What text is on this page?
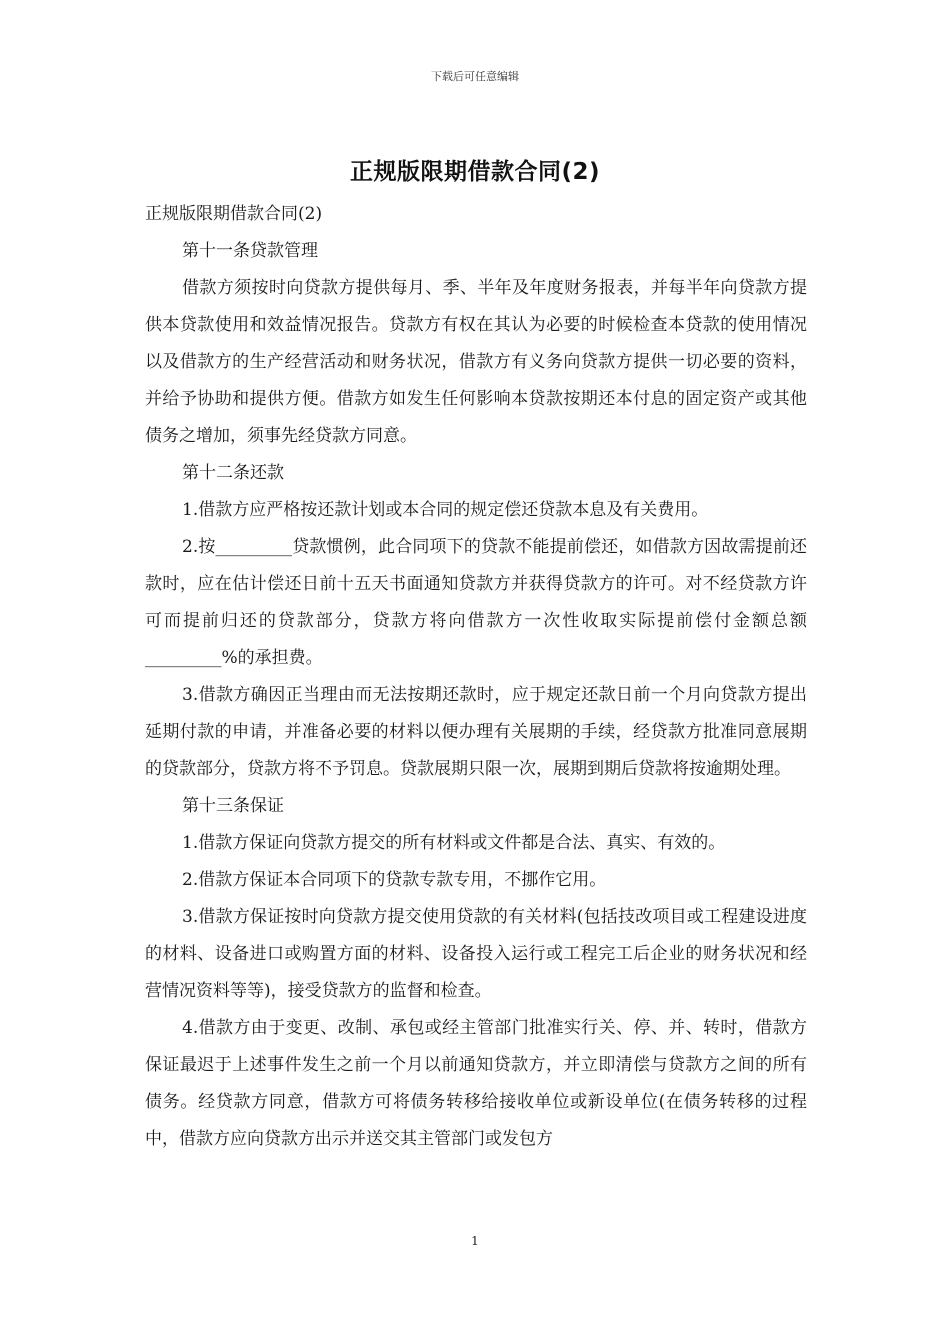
下载后可任意编辑
正规版限期借款合同(2)

正规版限期借款合同(2)

第十一条贷款管理

借款方须按时向贷款方提供每月、季、半年及年度财务报表，并每半年向贷款方提供本贷款使用和效益情况报告。贷款方有权在其认为必要的时候检查本贷款的使用情况以及借款方的生产经营活动和财务状况，借款方有义务向贷款方提供一切必要的资料，并给予协助和提供方便。借款方如发生任何影响本贷款按期还本付息的固定资产或其他债务之增加，须事先经贷款方同意。

第十二条还款

1.借款方应严格按还款计划或本合同的规定偿还贷款本息及有关费用。

2.按_________贷款惯例，此合同项下的贷款不能提前偿还，如借款方因故需提前还款时，应在估计偿还日前十五天书面通知贷款方并获得贷款方的许可。对不经贷款方许可而提前归还的贷款部分，贷款方将向借款方一次性收取实际提前偿付金额总额_________%的承担费。

3.借款方确因正当理由而无法按期还款时，应于规定还款日前一个月向贷款方提出延期付款的申请，并准备必要的材料以便办理有关展期的手续，经贷款方批准同意展期的贷款部分，贷款方将不予罚息。贷款展期只限一次，展期到期后贷款将按逾期处理。

第十三条保证

1.借款方保证向贷款方提交的所有材料或文件都是合法、真实、有效的。

2.借款方保证本合同项下的贷款专款专用，不挪作它用。

3.借款方保证按时向贷款方提交使用贷款的有关材料(包括技改项目或工程建设进度的材料、设备进口或购置方面的材料、设备投入运行或工程完工后企业的财务状况和经营情况资料等等)，接受贷款方的监督和检查。

4.借款方由于变更、改制、承包或经主管部门批准实行关、停、并、转时，借款方保证最迟于上述事件发生之前一个月以前通知贷款方，并立即清偿与贷款方之间的所有债务。经贷款方同意，借款方可将债务转移给接收单位或新设单位(在债务转移的过程中，借款方应向贷款方出示并送交其主管部门或发包方

1
